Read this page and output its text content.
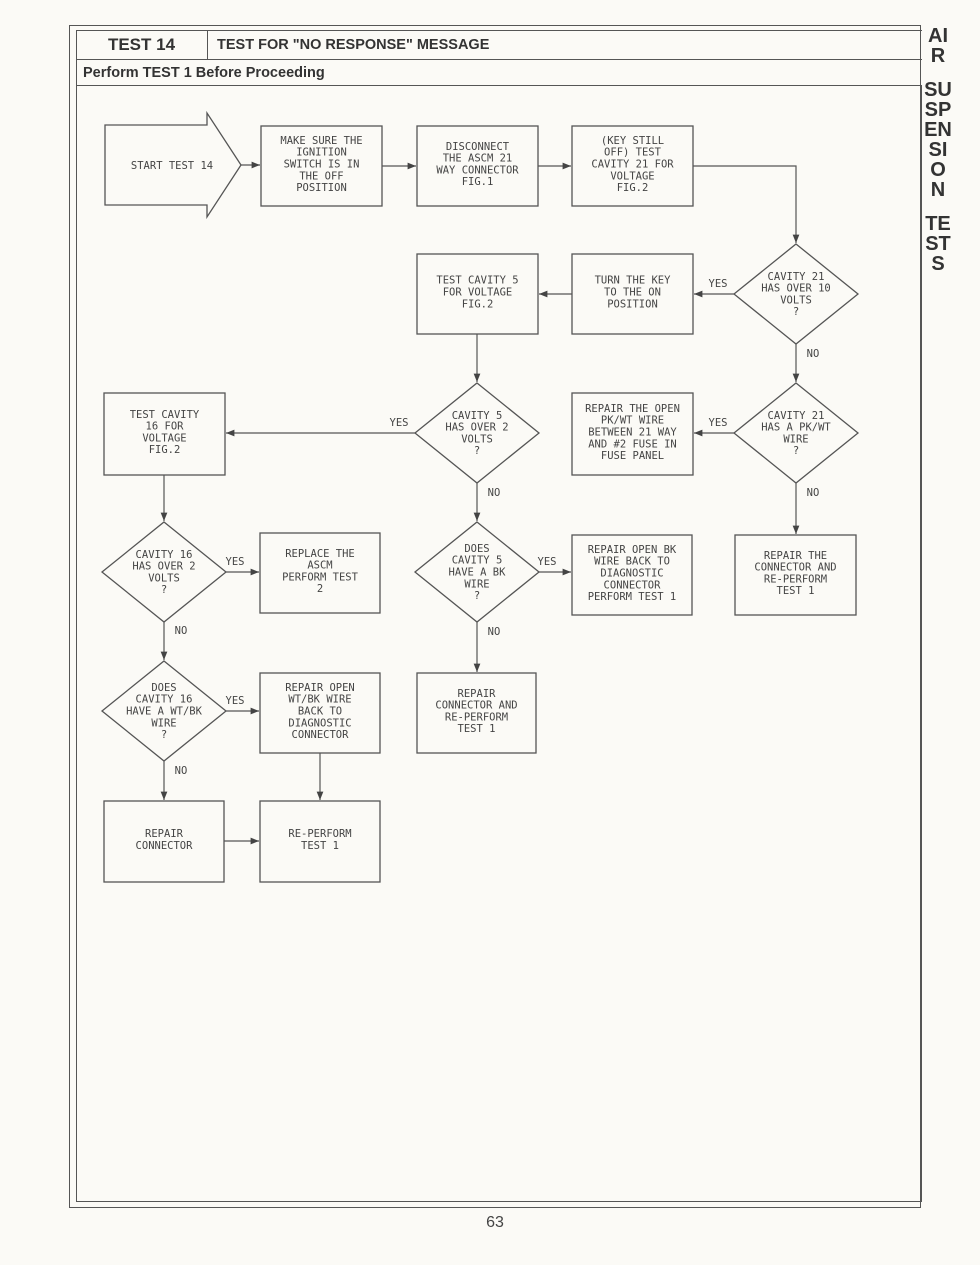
TEST 14	TEST FOR "NO RESPONSE" MESSAGE
Perform TEST 1 Before Proceeding
AIR
SUSPENSION
TESTS
63
START TEST 14
MAKE SURE THE IGNITION SWITCH IS IN THE OFF POSITION
DISCONNECT THE ASCM 21 WAY CONNECTOR FIG.1
(KEY STILL OFF) TEST CAVITY 21 FOR VOLTAGE FIG.2
CAVITY 21 HAS OVER 10 VOLTS ?
TURN THE KEY TO THE ON POSITION
TEST CAVITY 5 FOR VOLTAGE FIG.2
CAVITY 21 HAS A PK/WT WIRE ?
REPAIR THE OPEN PK/WT WIRE BETWEEN 21 WAY AND #2 FUSE IN FUSE PANEL
REPAIR THE CONNECTOR AND RE-PERFORM TEST 1
CAVITY 5 HAS OVER 2 VOLTS ?
TEST CAVITY 16 FOR VOLTAGE FIG.2
DOES CAVITY 5 HAVE A BK WIRE ?
REPAIR OPEN BK WIRE BACK TO DIAGNOSTIC CONNECTOR PERFORM TEST 1
REPAIR CONNECTOR AND RE-PERFORM TEST 1
CAVITY 16 HAS OVER 2 VOLTS ?
REPLACE THE ASCM PERFORM TEST 2
DOES CAVITY 16 HAVE A WT/BK WIRE ?
REPAIR OPEN WT/BK WIRE BACK TO DIAGNOSTIC CONNECTOR
REPAIR CONNECTOR
RE-PERFORM TEST 1
YES
NO
YES
NO
YES
NO
YES
NO
YES
NO
YES
NO
